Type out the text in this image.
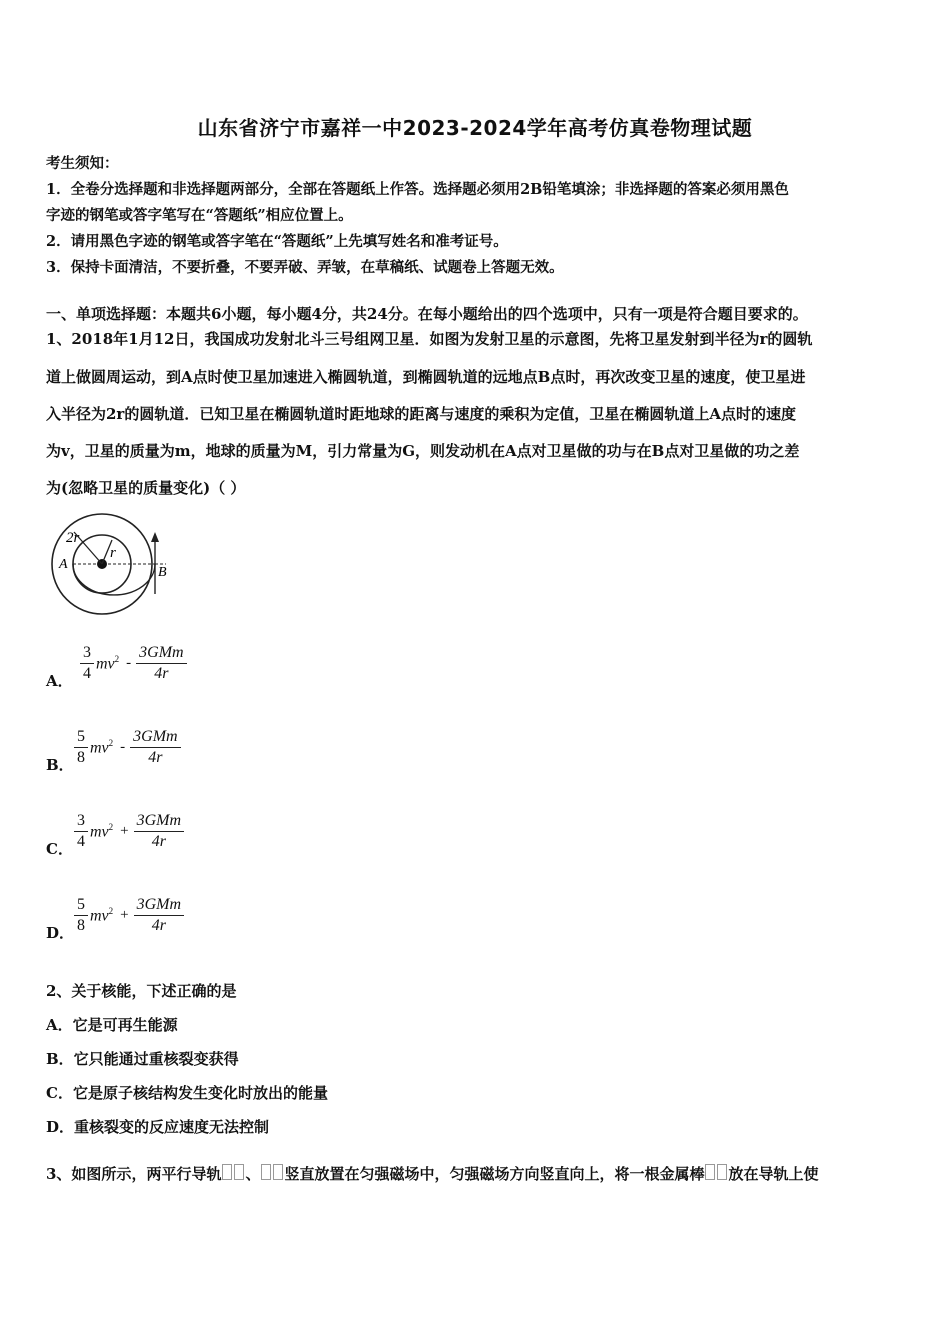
山东省济宁市嘉祥一中2023-2024学年高考仿真卷物理试题
考生须知：
1．全卷分选择题和非选择题两部分，全部在答题纸上作答。选择题必须用2B铅笔填涂；非选择题的答案必须用黑色
字迹的钢笔或答字笔写在“答题纸”相应位置上。
2．请用黑色字迹的钢笔或答字笔在“答题纸”上先填写姓名和准考证号。
3．保持卡面清洁，不要折叠，不要弄破、弄皱，在草稿纸、试题卷上答题无效。
一、单项选择题：本题共6小题，每小题4分，共24分。在每小题给出的四个选项中，只有一项是符合题目要求的。
1、2018年1月12日，我国成功发射北斗三号组网卫星．如图为发射卫星的示意图，先将卫星发射到半径为r的圆轨
道上做圆周运动，到A点时使卫星加速进入椭圆轨道，到椭圆轨道的远地点B点时，再次改变卫星的速度，使卫星进
入半径为2r的圆轨道．已知卫星在椭圆轨道时距地球的距离与速度的乘积为定值，卫星在椭圆轨道上A点时的速度
为v，卫星的质量为m，地球的质量为M，引力常量为G，则发动机在A点对卫星做的功与在B点对卫星做的功之差
为(忽略卫星的质量变化)（ ）
2r
r
A
B
A． $\frac{3}{4} mv^2 - \frac{\text{3GMm}}{4r}$
B． $\frac{5}{8} mv^2 - \frac{\text{3GMm}}{4r}$
C． $\frac{3}{4} mv^2 + \frac{\text{3GMm}}{4r}$
D． $\frac{5}{8} mv^2 + \frac{\text{3GMm}}{4r}$
2、关于核能，下述正确的是
A．它是可再生能源
B．它只能通过重核裂变获得
C．它是原子核结构发生变化时放出的能量
D．重核裂变的反应速度无法控制
3、如图所示，两平行导轨 、 竖直放置在匀强磁场中，匀强磁场方向竖直向上，将一根金属棒 放在导轨上使
